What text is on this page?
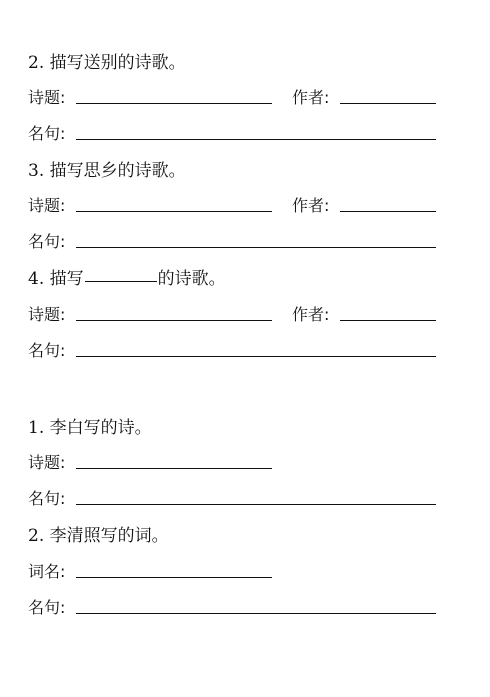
2. 描写送别的诗歌。
诗题:	作者:
名句:
3. 描写思乡的诗歌。
诗题:	作者:
名句:
4. 描写	的诗歌。
诗题:	作者:
名句:
1. 李白写的诗。
诗题:
名句:
2. 李清照写的词。
词名:
名句:
